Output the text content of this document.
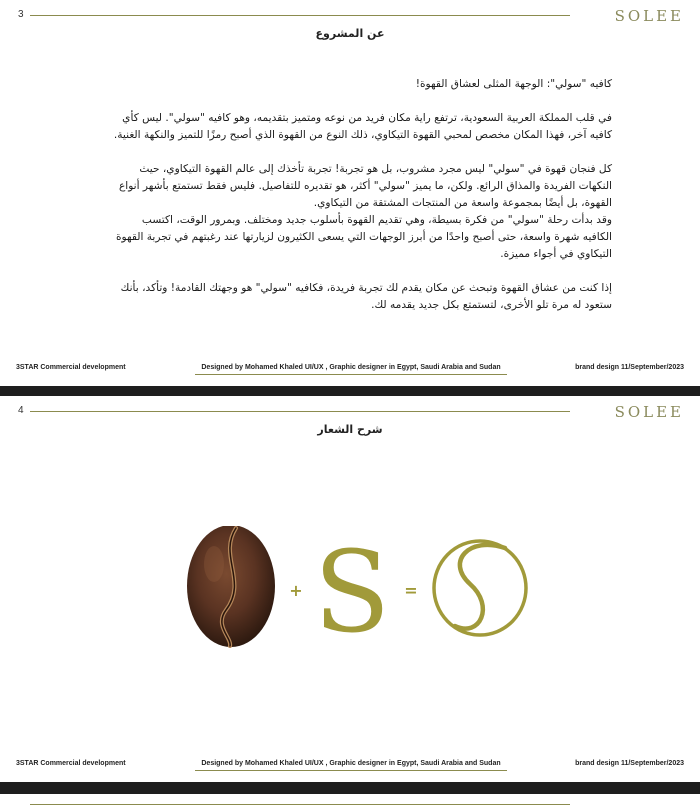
3	SOLEE
عن المشروع

كافيه "سولي": الوجهة المثلى لعشاق القهوة!

في قلب المملكة العربية السعودية، ترتفع راية مكان فريد من نوعه ومتميز بتقديمه، وهو كافيه "سولي". ليس كأي كافيه آخر، فهذا المكان مخصص لمحبي القهوة التيكاوي، ذلك النوع من القهوة الذي أصبح رمزًا للتميز والنكهة الغنية.

كل فنجان قهوة في "سولي" ليس مجرد مشروب، بل هو تجربة! تجربة تأخذك إلى عالم القهوة التيكاوي، حيث النكهات الفريدة والمذاق الرائع. ولكن، ما يميز "سولي" أكثر، هو تقديره للتفاصيل. فليس فقط تستمتع بأشهر أنواع القهوة، بل أيضًا بمجموعة واسعة من المنتجات المشتقة من التيكاوي.

وقد بدأت رحلة "سولي" من فكرة بسيطة، وهي تقديم القهوة بأسلوب جديد ومختلف. وبمرور الوقت، اكتسب الكافيه شهرة واسعة، حتى أصبح واحدًا من أبرز الوجهات التي يسعى الكثيرون لزيارتها عند رغبتهم في تجربة القهوة التيكاوي في أجواء مميزة.

إذا كنت من عشاق القهوة وتبحث عن مكان يقدم لك تجربة فريدة، فكافيه "سولي" هو وجهتك القادمة! وتأكد، بأنك ستعود له مرة تلو الأخرى، لتستمتع بكل جديد يقدمه لك.

3STAR Commercial development	Designed by Mohamed Khaled UI/UX , Graphic designer in Egypt, Saudi Arabia and Sudan	brand design 11/September/2023
4	SOLEE
شرح الشعار
+ S =
3STAR Commercial development	Designed by Mohamed Khaled UI/UX , Graphic designer in Egypt, Saudi Arabia and Sudan	brand design 11/September/2023
